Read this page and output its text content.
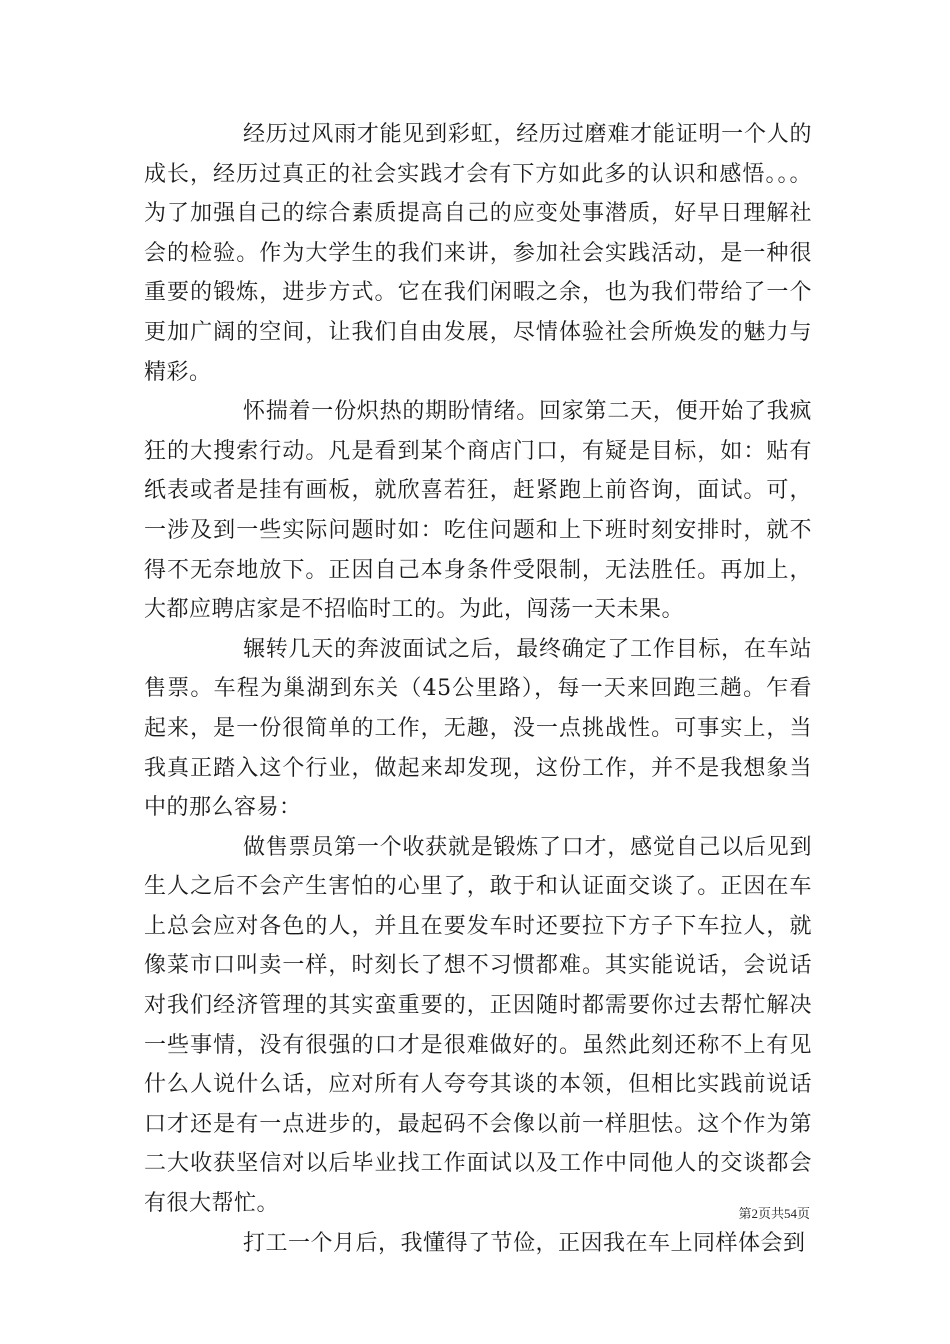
经历过风雨才能见到彩虹，经历过磨难才能证明一个人的成长，经历过真正的社会实践才会有下方如此多的认识和感悟。。。为了加强自己的综合素质提高自己的应变处事潜质，好早日理解社会的检验。作为大学生的我们来讲，参加社会实践活动，是一种很重要的锻炼，进步方式。它在我们闲暇之余，也为我们带给了一个更加广阔的空间，让我们自由发展，尽情体验社会所焕发的魅力与精彩。

怀揣着一份炽热的期盼情绪。回家第二天，便开始了我疯狂的大搜索行动。凡是看到某个商店门口，有疑是目标，如：贴有纸表或者是挂有画板，就欣喜若狂，赶紧跑上前咨询，面试。可，一涉及到一些实际问题时如：吃住问题和上下班时刻安排时，就不得不无奈地放下。正因自己本身条件受限制，无法胜任。再加上，大都应聘店家是不招临时工的。为此，闯荡一天未果。

辗转几天的奔波面试之后，最终确定了工作目标，在车站售票。车程为巢湖到东关（45公里路），每一天来回跑三趟。乍看起来，是一份很简单的工作，无趣，没一点挑战性。可事实上，当我真正踏入这个行业，做起来却发现，这份工作，并不是我想象当中的那么容易：

做售票员第一个收获就是锻炼了口才，感觉自己以后见到生人之后不会产生害怕的心里了，敢于和认证面交谈了。正因在车上总会应对各色的人，并且在要发车时还要拉下方子下车拉人，就像菜市口叫卖一样，时刻长了想不习惯都难。其实能说话，会说话对我们经济管理的其实蛮重要的，正因随时都需要你过去帮忙解决一些事情，没有很强的口才是很难做好的。虽然此刻还称不上有见什么人说什么话，应对所有人夸夸其谈的本领，但相比实践前说话口才还是有一点进步的，最起码不会像以前一样胆怯。这个作为第二大收获坚信对以后毕业找工作面试以及工作中同他人的交谈都会有很大帮忙。

打工一个月后，我懂得了节俭，正因我在车上同样体会到

第2页共54页
